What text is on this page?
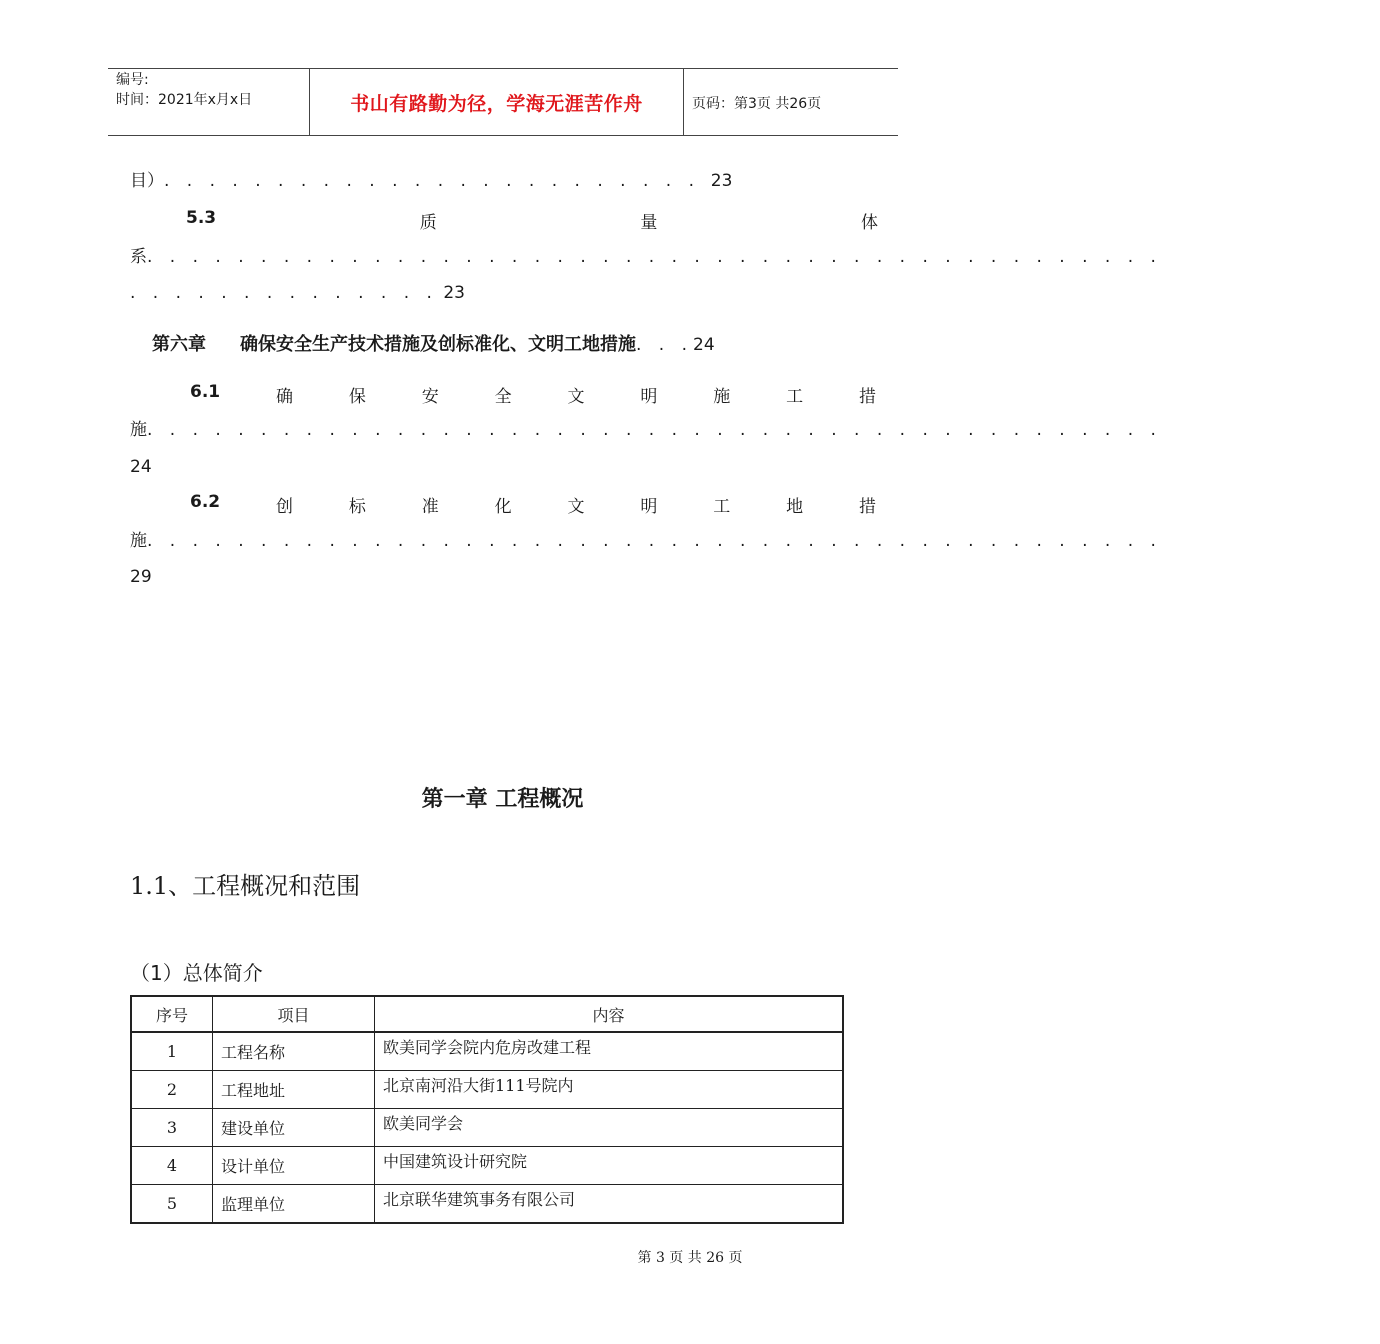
编号:
时间：2021年x月x日	书山有路勤为径，学海无涯苦作舟	页码：第3页 共26页
目）. . . . . . . . . . . . . . . . . . . . . . . . 23
5.3	质	量	体
系. . . . . . . . . . . . . . . . . . . . . . . . . . . . . . . . . . . . . . . . . . . . .
. . . . . . . . . . . . . . 23
第六章 确保安全生产技术措施及创标准化、文明工地措施. . .24
6.1	确	保	安	全	文	明	施	工	措
施. . . . . . . . . . . . . . . . . . . . . . . . . . . . . . . . . . . . . . . . . . . . .
24
6.2	创	标	准	化	文	明	工	地	措
施. . . . . . . . . . . . . . . . . . . . . . . . . . . . . . . . . . . . . . . . . . . . .
29
第一章 工程概况
1.1、工程概况和范围
（1）总体简介
序号	项目	内容
1	工程名称	欧美同学会院内危房改建工程
2	工程地址	北京南河沿大街111号院内
3	建设单位	欧美同学会
4	设计单位	中国建筑设计研究院
5	监理单位	北京联华建筑事务有限公司
第 3 页 共 26 页
